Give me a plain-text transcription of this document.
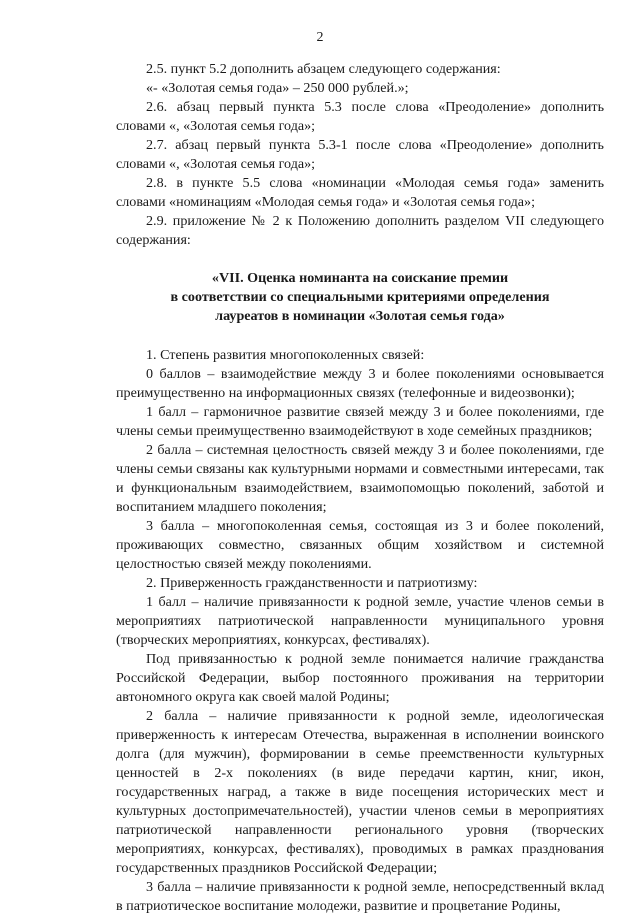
2

2.5. пункт 5.2 дополнить абзацем следующего содержания:

«- «Золотая семья года» – 250 000 рублей.»;

2.6. абзац первый пункта 5.3 после слова «Преодоление» дополнить словами «, «Золотая семья года»;

2.7. абзац первый пункта 5.3-1 после слова «Преодоление» дополнить словами «, «Золотая семья года»;

2.8. в пункте 5.5 слова «номинации «Молодая семья года» заменить словами «номинациям «Молодая семья года» и «Золотая семья года»;

2.9. приложение № 2 к Положению дополнить разделом VII следующего содержания:

«VII. Оценка номинанта на соискание премии
в соответствии со специальными критериями определения
лауреатов в номинации «Золотая семья года»

1. Степень развития многопоколенных связей:

0 баллов – взаимодействие между 3 и более поколениями основывается преимущественно на информационных связях (телефонные и видеозвонки);

1 балл – гармоничное развитие связей между 3 и более поколениями, где члены семьи преимущественно взаимодействуют в ходе семейных праздников;

2 балла – системная целостность связей между 3 и более поколениями, где члены семьи связаны как культурными нормами и совместными интересами, так и функциональным взаимодействием, взаимопомощью поколений, заботой и воспитанием младшего поколения;

3 балла – многопоколенная семья, состоящая из 3 и более поколений, проживающих совместно, связанных общим хозяйством и системной целостностью связей между поколениями.

2. Приверженность гражданственности и патриотизму:

1 балл – наличие привязанности к родной земле, участие членов семьи в мероприятиях патриотической направленности муниципального уровня (творческих мероприятиях, конкурсах, фестивалях).

Под привязанностью к родной земле понимается наличие гражданства Российской Федерации, выбор постоянного проживания на территории автономного округа как своей малой Родины;

2 балла – наличие привязанности к родной земле, идеологическая приверженность к интересам Отечества, выраженная в исполнении воинского долга (для мужчин), формировании в семье преемственности культурных ценностей в 2-х поколениях (в виде передачи картин, книг, икон, государственных наград, а также в виде посещения исторических мест и культурных достопримечательностей), участии членов семьи в мероприятиях патриотической направленности регионального уровня (творческих мероприятиях, конкурсах, фестивалях), проводимых в рамках празднования государственных праздников Российской Федерации;

3 балла – наличие привязанности к родной земле, непосредственный вклад в патриотическое воспитание молодежи, развитие и процветание Родины,
